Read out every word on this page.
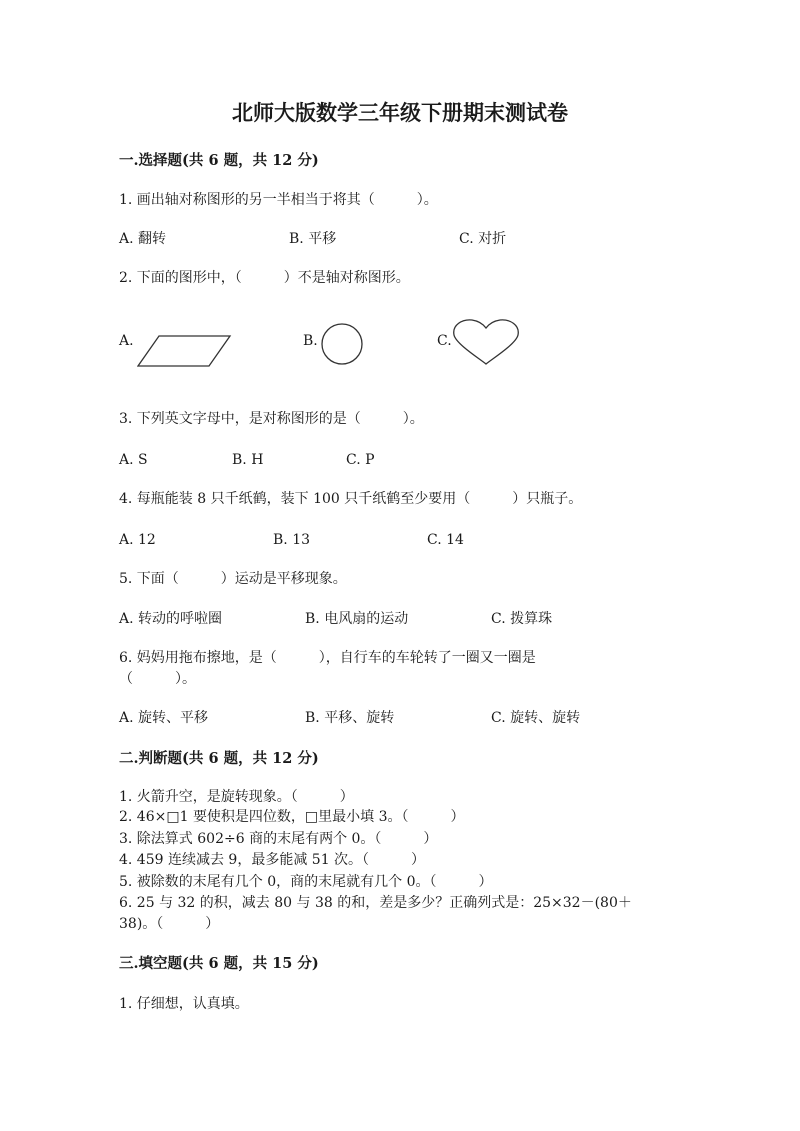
北师大版数学三年级下册期末测试卷
一.选择题(共 6 题，共 12 分)
1. 画出轴对称图形的另一半相当于将其（　　　）。
A. 翻转	B. 平移	C. 对折
2. 下面的图形中，（　　　）不是轴对称图形。
A.	B.	C.
3. 下列英文字母中，是对称图形的是（　　　）。
A. S	B. H	C. P
4. 每瓶能装 8 只千纸鹤，装下 100 只千纸鹤至少要用（　　　）只瓶子。
A. 12	B. 13	C. 14
5. 下面（　　　）运动是平移现象。
A. 转动的呼啦圈	B. 电风扇的运动	C. 拨算珠
6. 妈妈用拖布擦地，是（　　　），自行车的车轮转了一圈又一圈是
（　　　）。
A. 旋转、平移	B. 平移、旋转	C. 旋转、旋转
二.判断题(共 6 题，共 12 分)
1. 火箭升空，是旋转现象。（　　　）
2. 46×□1 要使积是四位数，□里最小填 3。（　　　）
3. 除法算式 602÷6 商的末尾有两个 0。（　　　）
4. 459 连续减去 9，最多能减 51 次。（　　　）
5. 被除数的末尾有几个 0，商的末尾就有几个 0。（　　　）
6. 25 与 32 的积，减去 80 与 38 的和，差是多少？正确列式是：25×32－(80＋
38)。（　　　）
三.填空题(共 6 题，共 15 分)
1. 仔细想，认真填。
